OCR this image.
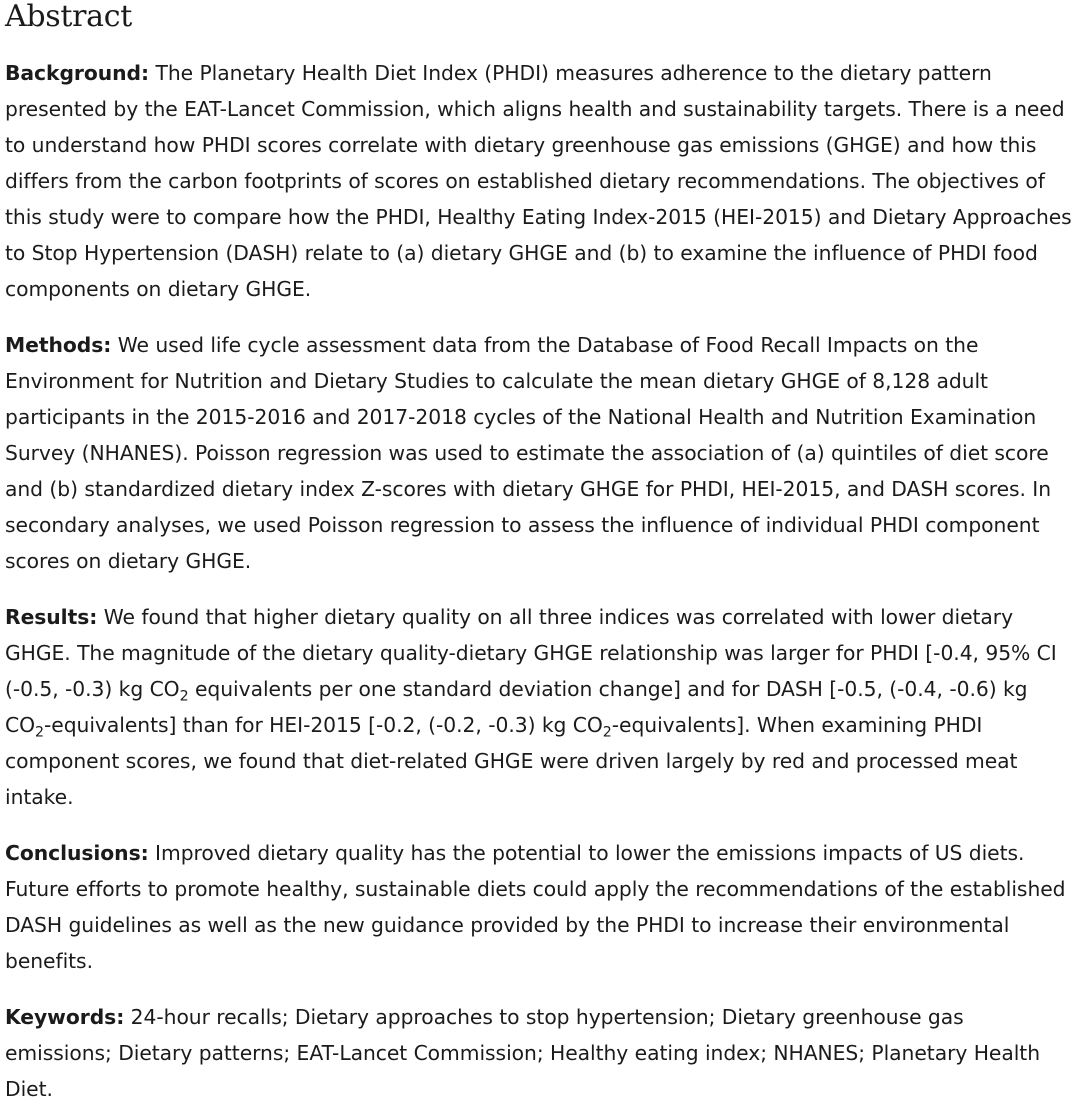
Abstract

Background: The Planetary Health Diet Index (PHDI) measures adherence to the dietary pattern presented by the EAT-Lancet Commission, which aligns health and sustainability targets. There is a need to understand how PHDI scores correlate with dietary greenhouse gas emissions (GHGE) and how this differs from the carbon footprints of scores on established dietary recommendations. The objectives of this study were to compare how the PHDI, Healthy Eating Index-2015 (HEI-2015) and Dietary Approaches to Stop Hypertension (DASH) relate to (a) dietary GHGE and (b) to examine the influence of PHDI food components on dietary GHGE.

Methods: We used life cycle assessment data from the Database of Food Recall Impacts on the Environment for Nutrition and Dietary Studies to calculate the mean dietary GHGE of 8,128 adult participants in the 2015-2016 and 2017-2018 cycles of the National Health and Nutrition Examination Survey (NHANES). Poisson regression was used to estimate the association of (a) quintiles of diet score and (b) standardized dietary index Z-scores with dietary GHGE for PHDI, HEI-2015, and DASH scores. In secondary analyses, we used Poisson regression to assess the influence of individual PHDI component scores on dietary GHGE.

Results: We found that higher dietary quality on all three indices was correlated with lower dietary GHGE. The magnitude of the dietary quality-dietary GHGE relationship was larger for PHDI [-0.4, 95% CI (-0.5, -0.3) kg $CO_2$ equivalents per one standard deviation change] and for DASH [-0.5, (-0.4, -0.6) kg $CO_2-equivalents$] than for HEI-2015 [-0.2, (-0.2, -0.3) kg $CO_2-equivalents$]. When examining PHDI component scores, we found that diet-related GHGE were driven largely by red and processed meat intake.

Conclusions: Improved dietary quality has the potential to lower the emissions impacts of US diets. Future efforts to promote healthy, sustainable diets could apply the recommendations of the established DASH guidelines as well as the new guidance provided by the PHDI to increase their environmental benefits.

Keywords: 24-hour recalls; Dietary approaches to stop hypertension; Dietary greenhouse gas emissions; Dietary patterns; EAT-Lancet Commission; Healthy eating index; NHANES; Planetary Health Diet.
